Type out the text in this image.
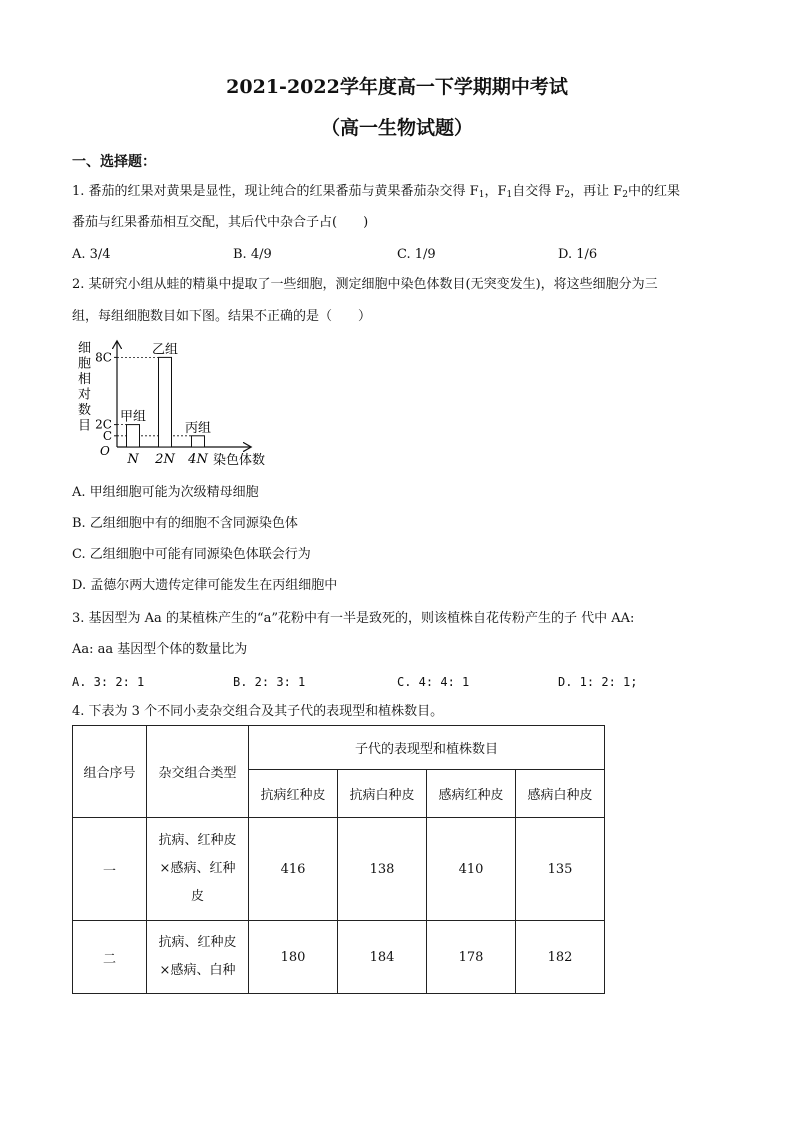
2021-2022学年度高一下学期期中考试
（高一生物试题）
一、选择题：
1. 番茄的红果对黄果是显性，现让纯合的红果番茄与黄果番茄杂交得 $F_1$，$F_1$自交得 $F_2$，再让 $F_2$中的红果
番茄与红果番茄相互交配，其后代中杂合子占(　　)
A. 3/4	B. 4/9	C. 1/9	D. 1/6
2. 某研究小组从蛙的精巢中提取了一些细胞，测定细胞中染色体数目(无突变发生)，将这些细胞分为三
组，每组细胞数目如下图。结果不正确的是（　　）
细
胞
相
对
数
目
8C
2C
C
甲组
乙组
丙组
N 2N 4N
O
染色体数
A. 甲组细胞可能为次级精母细胞
B. 乙组细胞中有的细胞不含同源染色体
C. 乙组细胞中可能有同源染色体联会行为
D. 孟德尔两大遗传定律可能发生在丙组细胞中
3. 基因型为 Aa 的某植株产生的“a”花粉中有一半是致死的，则该植株自花传粉产生的子 代中 AA:
Aa: aa 基因型个体的数量比为
A. 3: 2: 1	B. 2: 3: 1	C. 4: 4: 1	D. 1: 2: 1;
4. 下表为 3 个不同小麦杂交组合及其子代的表现型和植株数目。
组合序号	杂交组合类型	子代的表现型和植株数目			
		抗病红种皮	抗病白种皮	感病红种皮	感病白种皮
一	抗病、红种皮
×感病、红种
皮	416	138	410	135
二	抗病、红种皮
×感病、白种	180	184	178	182
